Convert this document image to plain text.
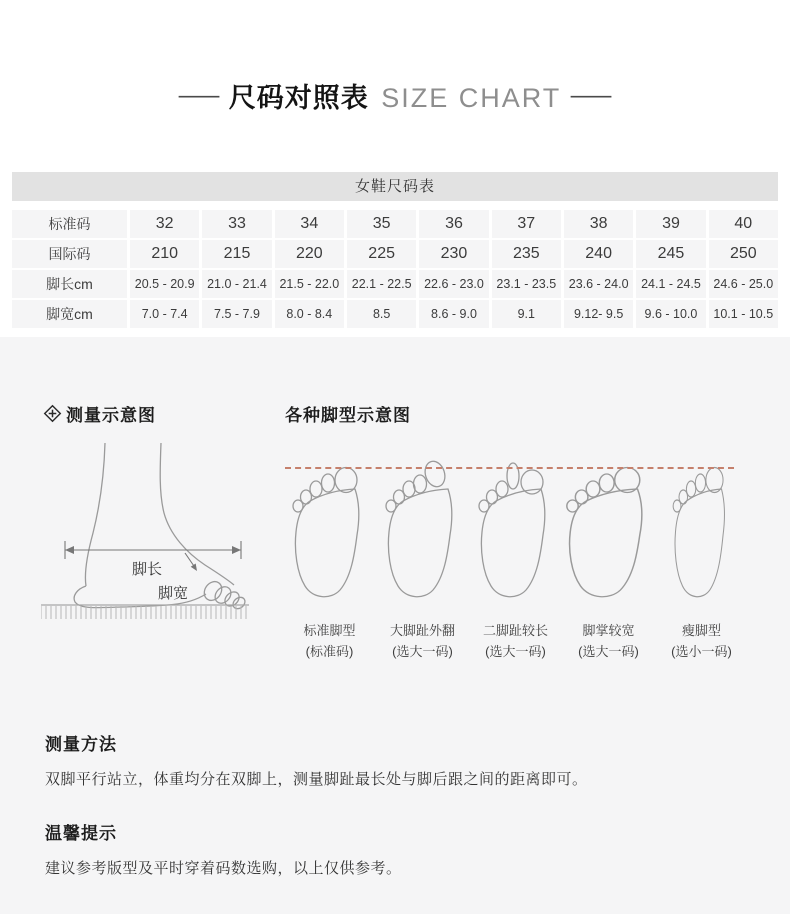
— 尺码对照表 SIZE CHART —
女鞋尺码表
标准码	32	33	34	35	36	37	38	39	40
国际码	210	215	220	225	230	235	240	245	250
脚长cm	20.5 - 20.9	21.0 - 21.4	21.5 - 22.0	22.1 - 22.5	22.6 - 23.0	23.1 - 23.5	23.6 - 24.0	24.1 - 24.5	24.6 - 25.0
脚宽cm	7.0 - 7.4	7.5 - 7.9	8.0 - 8.4	8.5	8.6 - 9.0	9.1	9.12- 9.5	9.6 - 10.0	10.1 - 10.5
测量示意图	各种脚型示意图
脚长
脚宽
标准脚型
(标准码)
大脚趾外翻
(选大一码)
二脚趾较长
(选大一码)
脚掌较宽
(选大一码)
瘦脚型
(选小一码)
测量方法
双脚平行站立，体重均分在双脚上，测量脚趾最长处与脚后跟之间的距离即可。
温馨提示
建议参考版型及平时穿着码数选购，以上仅供参考。
